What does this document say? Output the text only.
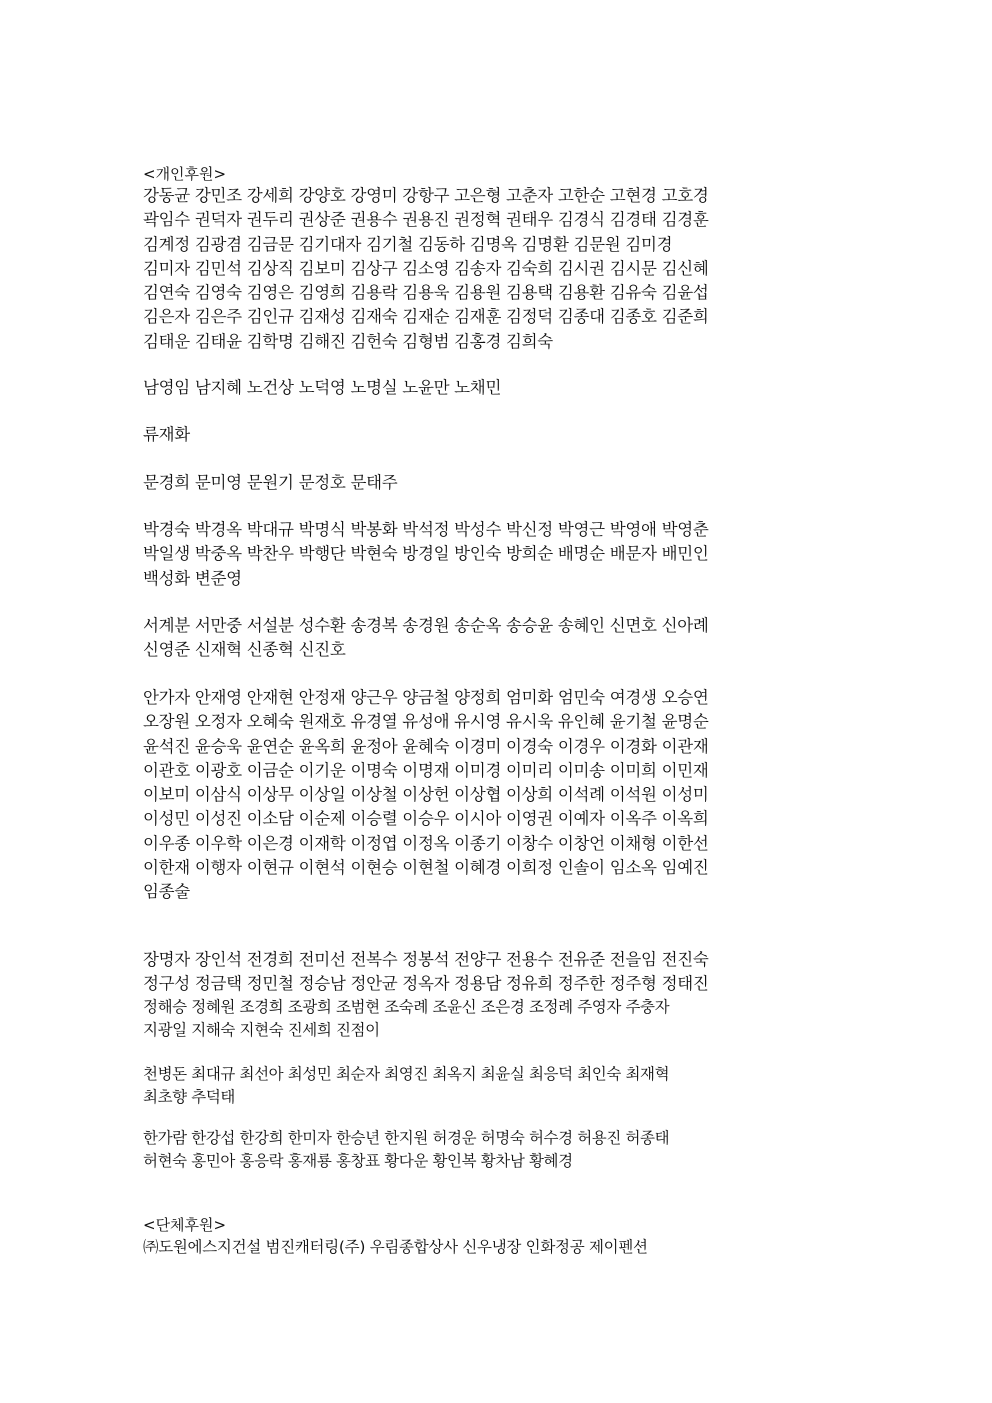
<개인후원>
강동균 강민조 강세희 강양호 강영미 강항구 고은형 고춘자 고한순 고현경 고호경
곽임수 권덕자 권두리 권상준 권용수 권용진 권정혁 권태우 김경식 김경태 김경훈
김계정 김광겸 김금문 김기대자 김기철 김동하 김명옥 김명환 김문원 김미경
김미자 김민석 김상직 김보미 김상구 김소영 김송자 김숙희 김시권 김시문 김신혜
김연숙 김영숙 김영은 김영희 김용락 김용욱 김용원 김용택 김용환 김유숙 김윤섭
김은자 김은주 김인규 김재성 김재숙 김재순 김재훈 김정덕 김종대 김종호 김준희
김태운 김태윤 김학명 김해진 김헌숙 김형범 김홍경 김희숙
남영임 남지혜 노건상 노덕영 노명실 노윤만 노채민
류재화
문경희 문미영 문원기 문정호 문태주
박경숙 박경옥 박대규 박명식 박봉화 박석정 박성수 박신정 박영근 박영애 박영춘
박일생 박중옥 박찬우 박행단 박현숙 방경일 방인숙 방희순 배명순 배문자 배민인
백성화 변준영
서계분 서만중 서설분 성수환 송경복 송경원 송순옥 송승윤 송혜인 신면호 신아례
신영준 신재혁 신종혁 신진호
안가자 안재영 안재현 안정재 양근우 양금철 양정희 엄미화 엄민숙 여경생 오승연
오장원 오정자 오혜숙 원재호 유경열 유성애 유시영 유시욱 유인혜 윤기철 윤명순
윤석진 윤승욱 윤연순 윤옥희 윤정아 윤혜숙 이경미 이경숙 이경우 이경화 이관재
이관호 이광호 이금순 이기운 이명숙 이명재 이미경 이미리 이미송 이미희 이민재
이보미 이삼식 이상무 이상일 이상철 이상헌 이상협 이상희 이석례 이석원 이성미
이성민 이성진 이소담 이순제 이승렬 이승우 이시아 이영권 이예자 이옥주 이옥희
이우종 이우학 이은경 이재학 이정엽 이정옥 이종기 이창수 이창언 이채형 이한선
이한재 이행자 이현규 이현석 이현승 이현철 이혜경 이희정 인솔이 임소옥 임예진
임종술
장명자 장인석 전경희 전미선 전복수 정봉석 전양구 전용수 전유준 전을임 전진숙
정구성 정금택 정민철 정승남 정안균 정옥자 정용담 정유희 정주한 정주형 정태진
정해승 정혜원 조경희 조광희 조범현 조숙례 조윤신 조은경 조정례 주영자 주충자
지광일 지해숙 지현숙 진세희 진점이
천병돈 최대규 최선아 최성민 최순자 최영진 최옥지 최윤실 최응덕 최인숙 최재혁
최초향 추덕태
한가람 한강섭 한강희 한미자 한승년 한지원 허경운 허명숙 허수경 허용진 허종태
허현숙 홍민아 홍응락 홍재룡 홍창표 황다운 황인복 황차남 황혜경
<단체후원>
㈜도원에스지건설 범진캐터링(주) 우림종합상사 신우냉장 인화정공 제이펜션
